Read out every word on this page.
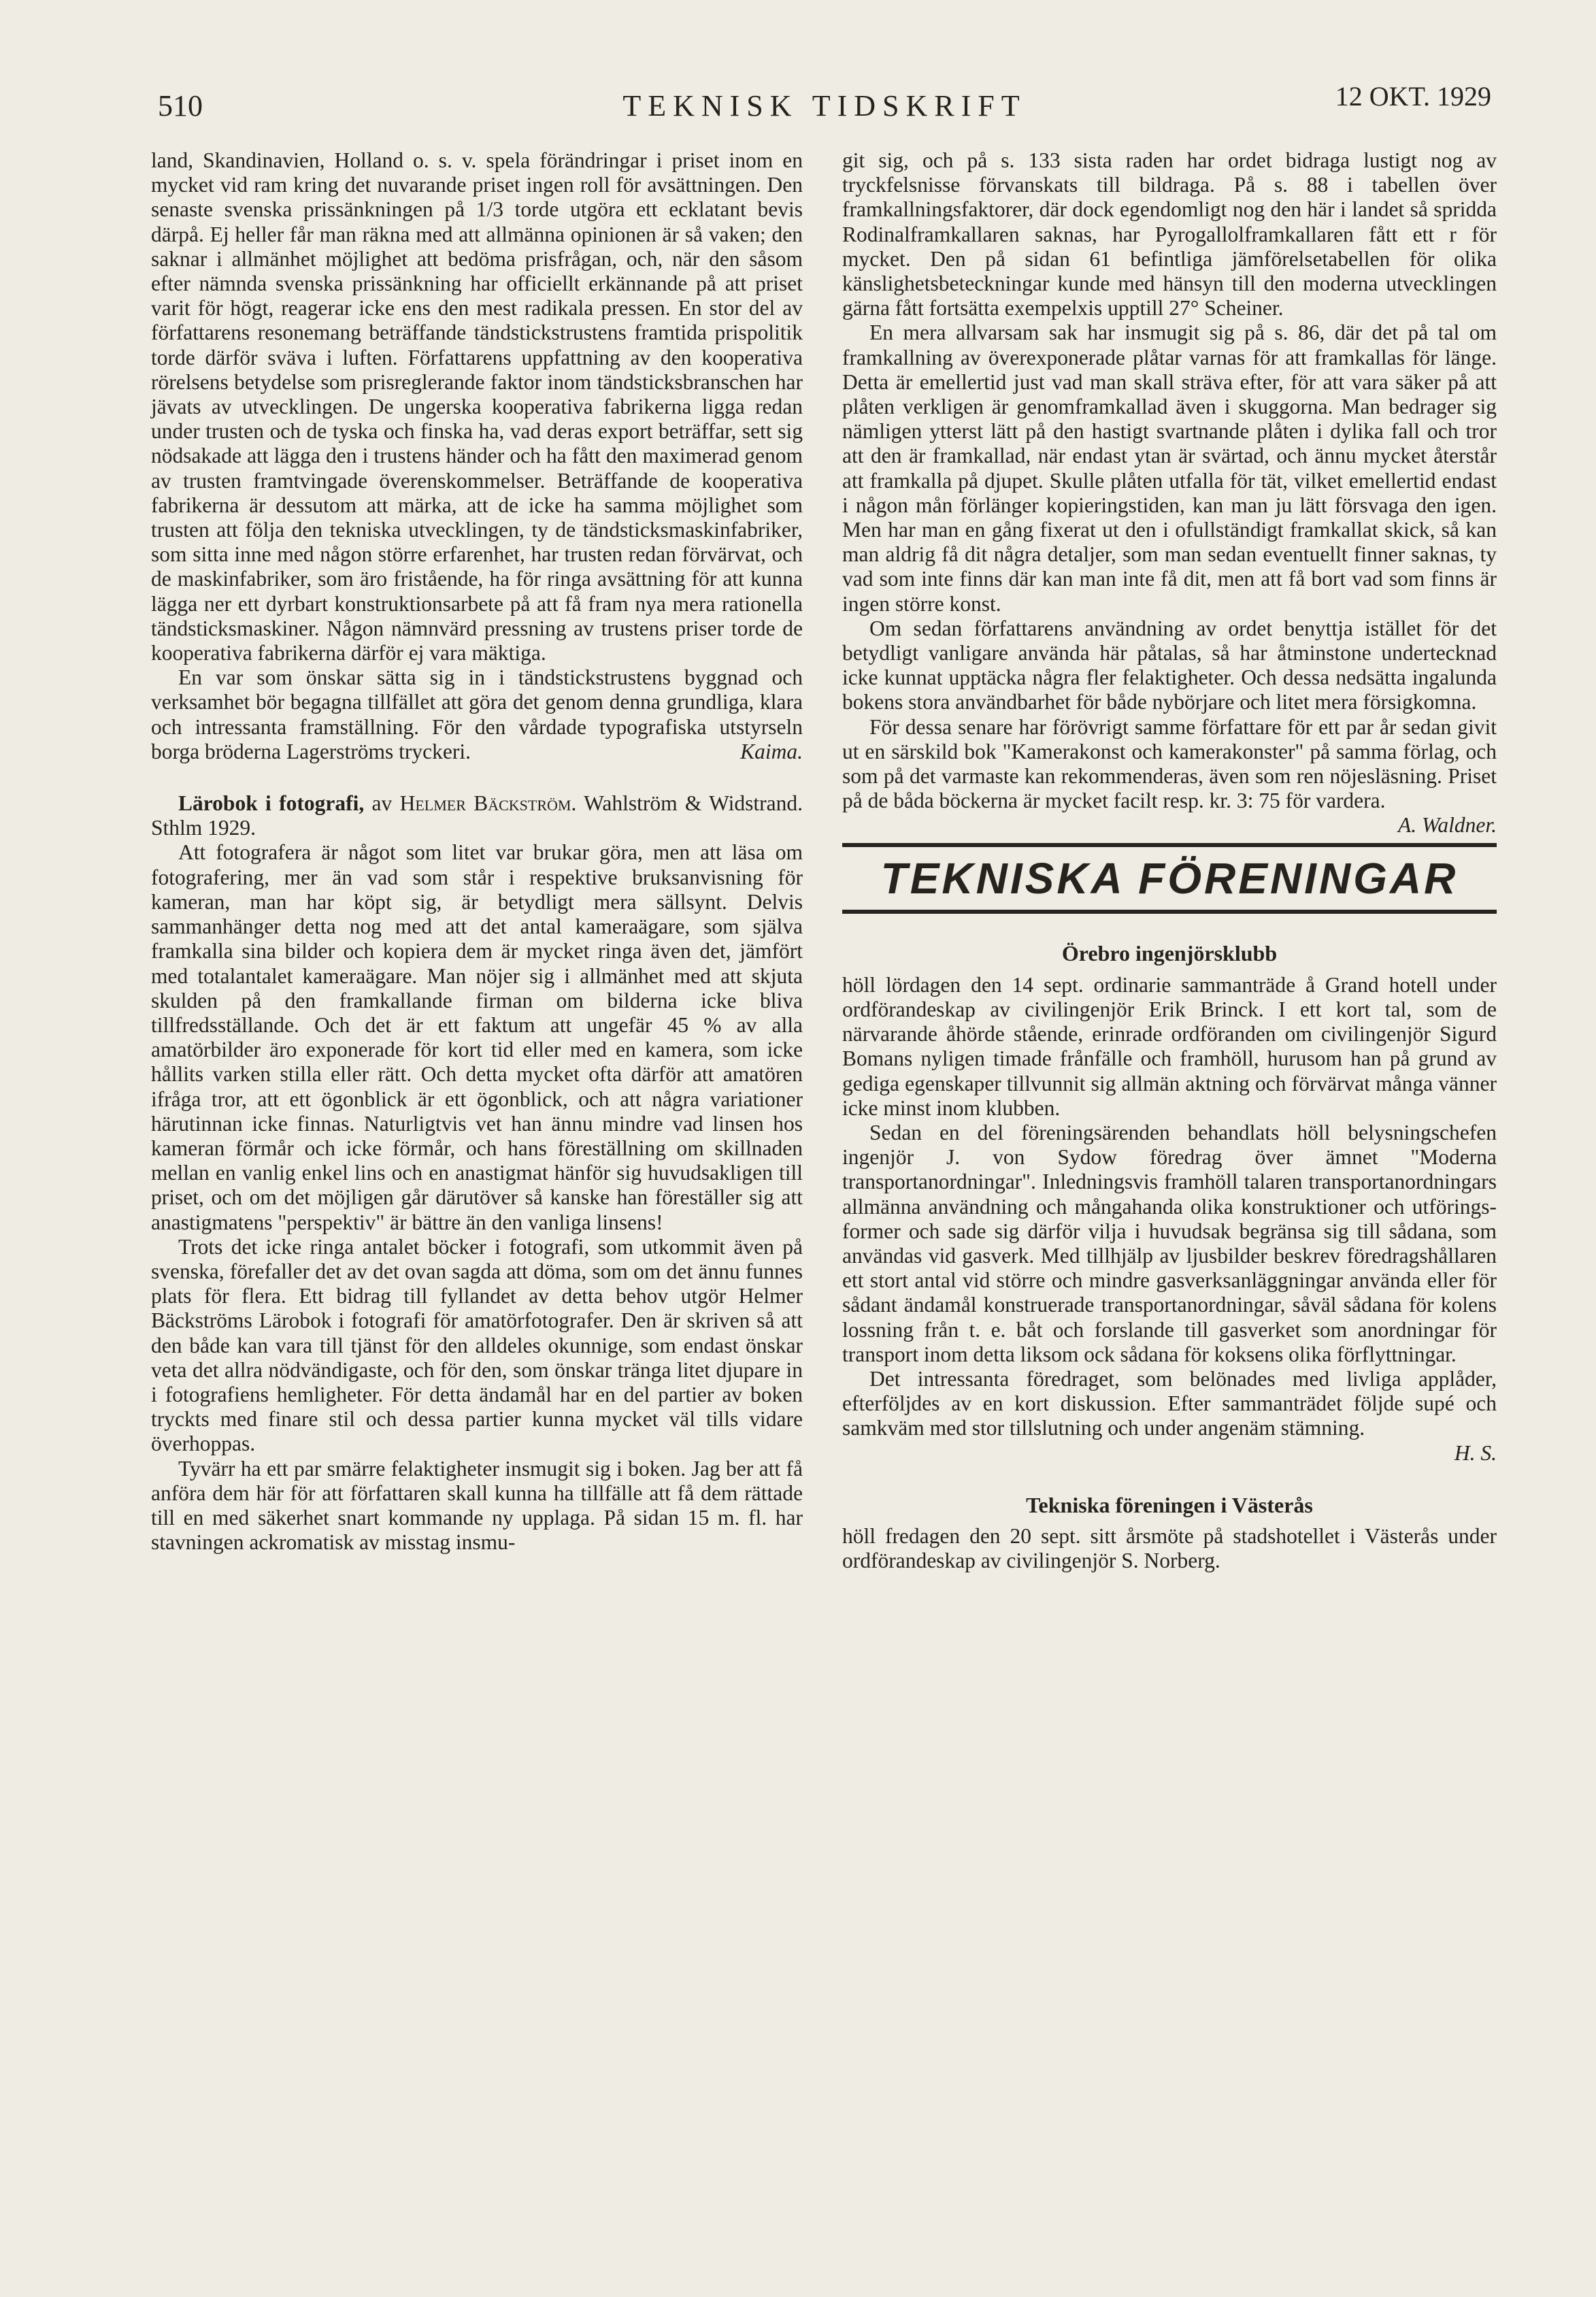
510	TEKNISK TIDSKRIFT	12 OKT. 1929

land, Skandinavien, Holland o. s. v. spela förändringar i priset inom en mycket vid ram kring det nuvarande priset ingen roll för avsättningen. Den senaste svenska prissänkningen på 1/3 torde utgöra ett ecklatant bevis därpå. Ej heller får man räkna med att allmänna opinionen är så vaken; den saknar i allmänhet möjlighet att bedöma prisfrågan, och, när den såsom efter nämnda svenska prissänkning har officiellt erkännande på att priset varit för högt, reagerar icke ens den mest radikala pressen. En stor del av författarens resonemang beträffande tändstickstrustens framtida prispolitik torde därför sväva i luften. Författarens uppfattning av den kooperativa rörelsens betydelse som prisreglerande faktor inom tändsticksbranschen har jävats av utvecklingen. De ungerska kooperativa fabrikerna ligga redan under trusten och de tyska och finska ha, vad deras export beträffar, sett sig nödsakade att lägga den i trustens händer och ha fått den maximerad genom av trusten framtvingade överenskommelser. Beträffande de kooperativa fabrikerna är dessutom att märka, att de icke ha samma möjlighet som trusten att följa den tekniska utvecklingen, ty de tändsticksmaskinfabriker, som sitta inne med någon större erfarenhet, har trusten redan förvärvat, och de maskinfabriker, som äro fristående, ha för ringa avsättning för att kunna lägga ner ett dyrbart konstruktionsarbete på att få fram nya mera rationella tändsticksmaskiner. Någon nämnvärd pressning av trustens priser torde de kooperativa fabrikerna därför ej vara mäktiga.

En var som önskar sätta sig in i tändstickstrustens byggnad och verksamhet bör begagna tillfället att göra det genom denna grundliga, klara och intressanta framställning. För den vårdade typografiska utstyrseln borga bröderna Lagerströms tryckeri.	Kaima.

Lärobok i fotografi, av Helmer Bäckström. Wahlström & Widstrand. Sthlm 1929.

Att fotografera är något som litet var brukar göra, men att läsa om fotografering, mer än vad som står i respektive bruksanvisning för kameran, man har köpt sig, är betydligt mera sällsynt. Delvis sammanhänger detta nog med att det antal kameraägare, som själva framkalla sina bilder och kopiera dem är mycket ringa även det, jämfört med totalantalet kameraägare. Man nöjer sig i allmänhet med att skjuta skulden på den framkallande firman om bilderna icke bliva tillfredsställande. Och det är ett faktum att ungefär 45 % av alla amatörbilder äro exponerade för kort tid eller med en kamera, som icke hållits varken stilla eller rätt. Och detta mycket ofta därför att amatören ifråga tror, att ett ögonblick är ett ögonblick, och att några variationer härutinnan icke finnas. Naturligtvis vet han ännu mindre vad linsen hos kameran förmår och icke förmår, och hans föreställning om skillnaden mellan en vanlig enkel lins och en anastigmat hänför sig huvudsakligen till priset, och om det möjligen går därutöver så kanske han föreställer sig att anastigmatens "perspektiv" är bättre än den vanliga linsens!

Trots det icke ringa antalet böcker i fotografi, som utkommit även på svenska, förefaller det av det ovan sagda att döma, som om det ännu funnes plats för flera. Ett bidrag till fyllandet av detta behov utgör Helmer Bäckströms Lärobok i fotografi för amatörfotografer. Den är skriven så att den både kan vara till tjänst för den alldeles okunnige, som endast önskar veta det allra nödvändigaste, och för den, som önskar tränga litet djupare in i fotografiens hemligheter. För detta ändamål har en del partier av boken tryckts med finare stil och dessa partier kunna mycket väl tills vidare överhoppas.

Tyvärr ha ett par smärre felaktigheter insmugit sig i boken. Jag ber att få anföra dem här för att författaren skall kunna ha tillfälle att få dem rättade till en med säkerhet snart kommande ny upplaga. På sidan 15 m. fl. har stavningen ackromatisk av misstag insmu-

git sig, och på s. 133 sista raden har ordet bidraga lustigt nog av tryckfelsnisse förvanskats till bildraga. På s. 88 i tabellen över framkallningsfaktorer, där dock egendomligt nog den här i landet så spridda Rodinalframkallaren saknas, har Pyrogallolframkallaren fått ett r för mycket. Den på sidan 61 befintliga jämförelsetabellen för olika känslighetsbeteckningar kunde med hänsyn till den moderna utvecklingen gärna fått fortsätta exempelxis upptill 27° Scheiner.

En mera allvarsam sak har insmugit sig på s. 86, där det på tal om framkallning av överexponerade plåtar varnas för att framkallas för länge. Detta är emellertid just vad man skall sträva efter, för att vara säker på att plåten verkligen är genomframkallad även i skuggorna. Man bedrager sig nämligen ytterst lätt på den hastigt svartnande plåten i dylika fall och tror att den är framkallad, när endast ytan är svärtad, och ännu mycket återstår att framkalla på djupet. Skulle plåten utfalla för tät, vilket emellertid endast i någon mån förlänger kopieringstiden, kan man ju lätt försvaga den igen. Men har man en gång fixerat ut den i ofullständigt framkallat skick, så kan man aldrig få dit några detaljer, som man sedan eventuellt finner saknas, ty vad som inte finns där kan man inte få dit, men att få bort vad som finns är ingen större konst.

Om sedan författarens användning av ordet benyttja istället för det betydligt vanligare använda här påtalas, så har åtminstone undertecknad icke kunnat upptäcka några fler felaktigheter. Och dessa nedsätta ingalunda bokens stora användbarhet för både nybörjare och litet mera försigkomna.

För dessa senare har förövrigt samme författare för ett par år sedan givit ut en särskild bok "Kamerakonst och kamerakonster" på samma förlag, och som på det varmaste kan rekommenderas, även som ren nöjesläsning. Priset på de båda böckerna är mycket facilt resp. kr. 3: 75 för vardera.
A. Waldner.

TEKNISKA FÖRENINGAR
Örebro ingenjörsklubb

höll lördagen den 14 sept. ordinarie sammanträde å Grand hotell under ordförandeskap av civilingenjör Erik Brinck. I ett kort tal, som de närvarande åhörde stående, erinrade ordföranden om civilingenjör Sigurd Bomans nyligen timade frånfälle och framhöll, hurusom han på grund av gediga egenskaper tillvunnit sig allmän aktning och förvärvat många vänner icke minst inom klubben.

Sedan en del föreningsärenden behandlats höll belysningschefen ingenjör J. von Sydow föredrag över ämnet "Moderna transportanordningar". Inledningsvis framhöll talaren transportanordningars allmänna användning och mångahanda olika konstruktioner och utförings-former och sade sig därför vilja i huvudsak begränsa sig till sådana, som användas vid gasverk. Med tillhjälp av ljusbilder beskrev föredragshållaren ett stort antal vid större och mindre gasverksanläggningar använda eller för sådant ändamål konstruerade transportanordningar, såväl sådana för kolens lossning från t. e. båt och forslande till gasverket som anordningar för transport inom detta liksom ock sådana för koksens olika förflyttningar.

Det intressanta föredraget, som belönades med livliga applåder, efterföljdes av en kort diskussion. Efter sammanträdet följde supé och samkväm med stor tillslutning och under angenäm stämning.

H. S.
Tekniska föreningen i Västerås

höll fredagen den 20 sept. sitt årsmöte på stadshotellet i Västerås under ordförandeskap av civilingenjör S. Norberg.
